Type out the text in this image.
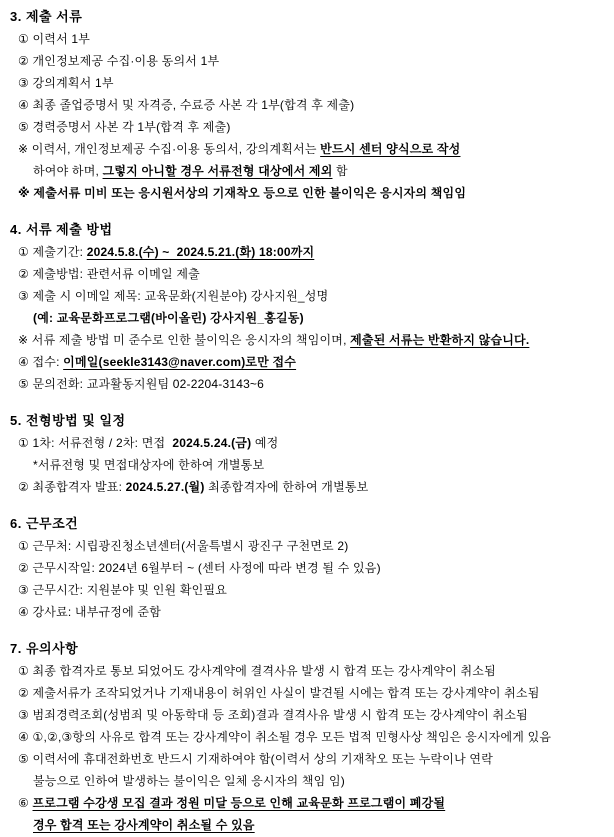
3. 제출 서류

① 이력서 1부

② 개인정보제공 수집·이용 동의서 1부

③ 강의계획서 1부

④ 최종 졸업증명서 및 자격증, 수료증 사본 각 1부(합격 후 제출)

⑤ 경력증명서 사본 각 1부(합격 후 제출)

※ 이력서, 개인정보제공 수집·이용 동의서, 강의계획서는 반드시 센터 양식으로 작성

하여야 하며, 그렇지 아니할 경우 서류전형 대상에서 제외 함

※ 제출서류 미비 또는 응시원서상의 기재착오 등으로 인한 불이익은 응시자의 책임임

4. 서류 제출 방법

① 제출기간: 2024.5.8.(수) ~  2024.5.21.(화) 18:00까지

② 제출방법: 관련서류 이메일 제출

③ 제출 시 이메일 제목: 교육문화(지원분야) 강사지원_성명

(예: 교육문화프로그램(바이올린) 강사지원_홍길동)

※ 서류 제출 방법 미 준수로 인한 불이익은 응시자의 책임이며, 제출된 서류는 반환하지 않습니다.

④ 접수: 이메일(seekle3143@naver.com)로만 접수

⑤ 문의전화: 교과활동지원팀 02-2204-3143~6

5. 전형방법 및 일정

① 1차: 서류전형 / 2차: 면접  2024.5.24.(금) 예정

*서류전형 및 면접대상자에 한하여 개별통보

② 최종합격자 발표: 2024.5.27.(월) 최종합격자에 한하여 개별통보

6. 근무조건

① 근무처: 시립광진청소년센터(서울특별시 광진구 구천면로 2)

② 근무시작일: 2024년 6월부터 ~ (센터 사정에 따라 변경 될 수 있음)

③ 근무시간: 지원분야 및 인원 확인필요

④ 강사료: 내부규정에 준함

7. 유의사항

① 최종 합격자로 통보 되었어도 강사계약에 결격사유 발생 시 합격 또는 강사계약이 취소됨

② 제출서류가 조작되었거나 기재내용이 허위인 사실이 발견될 시에는 합격 또는 강사계약이 취소됨

③ 범죄경력조회(성범죄 및 아동학대 등 조회)결과 결격사유 발생 시 합격 또는 강사계약이 취소됨

④ ①,②,③항의 사유로 합격 또는 강사계약이 취소될 경우 모든 법적 민형사상 책임은 응시자에게 있음

⑤ 이력서에 휴대전화번호 반드시 기재하여야 함(이력서 상의 기재착오 또는 누락이나 연락

불능으로 인하여 발생하는 불이익은 일체 응시자의 책임 임)

⑥ 프로그램 수강생 모집 결과 정원 미달 등으로 인해 교육문화 프로그램이 폐강될

경우 합격 또는 강사계약이 취소될 수 있음
